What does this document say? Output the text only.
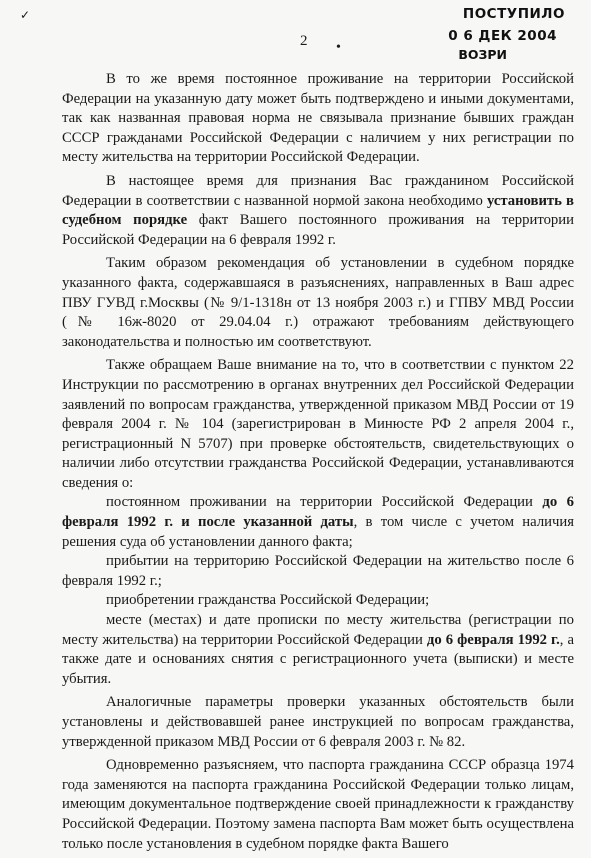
✓	ПОСТУПИЛО
0 6 ДЕК 2004
ВОЗРИ
2 •

В то же время постоянное проживание на территории Российской Федерации на указанную дату может быть подтверждено и иными документами, так как названная правовая норма не связывала признание бывших граждан СССР гражданами Российской Федерации с наличием у них регистрации по месту жительства на территории Российской Федерации.

В настоящее время для признания Вас гражданином Российской Федерации в соответствии с названной нормой закона необходимо установить в судебном порядке факт Вашего постоянного проживания на территории Российской Федерации на 6 февраля 1992 г.

Таким образом рекомендация об установлении в судебном порядке указанного факта, содержавшаяся в разъяснениях, направленных в Ваш адрес ПВУ ГУВД г.Москвы (№ 9/1-1318н от 13 ноября 2003 г.) и ГПВУ МВД России (№ 16ж-8020 от 29.04.04 г.) отражают требованиям действующего законодательства и полностью им соответствуют.

Также обращаем Ваше внимание на то, что в соответствии с пунктом 22 Инструкции по рассмотрению в органах внутренних дел Российской Федерации заявлений по вопросам гражданства, утвержденной приказом МВД России от 19 февраля 2004 г. № 104 (зарегистрирован в Минюсте РФ 2 апреля 2004 г., регистрационный N 5707) при проверке обстоятельств, свидетельствующих о наличии либо отсутствии гражданства Российской Федерации, устанавливаются сведения о:

постоянном проживании на территории Российской Федерации до 6 февраля 1992 г. и после указанной даты, в том числе с учетом наличия решения суда об установлении данного факта;

прибытии на территорию Российской Федерации на жительство после 6 февраля 1992 г.;

приобретении гражданства Российской Федерации;

месте (местах) и дате прописки по месту жительства (регистрации по месту жительства) на территории Российской Федерации до 6 февраля 1992 г., а также дате и основаниях снятия с регистрационного учета (выписки) и месте убытия.

Аналогичные параметры проверки указанных обстоятельств были установлены и действовавшей ранее инструкцией по вопросам гражданства, утвержденной приказом МВД России от 6 февраля 2003 г. № 82.

Одновременно разъясняем, что паспорта гражданина СССР образца 1974 года заменяются на паспорта гражданина Российской Федерации только лицам, имеющим документальное подтверждение своей принадлежности к гражданству Российской Федерации. Поэтому замена паспорта Вам может быть осуществлена только после установления в судебном порядке факта Вашего
